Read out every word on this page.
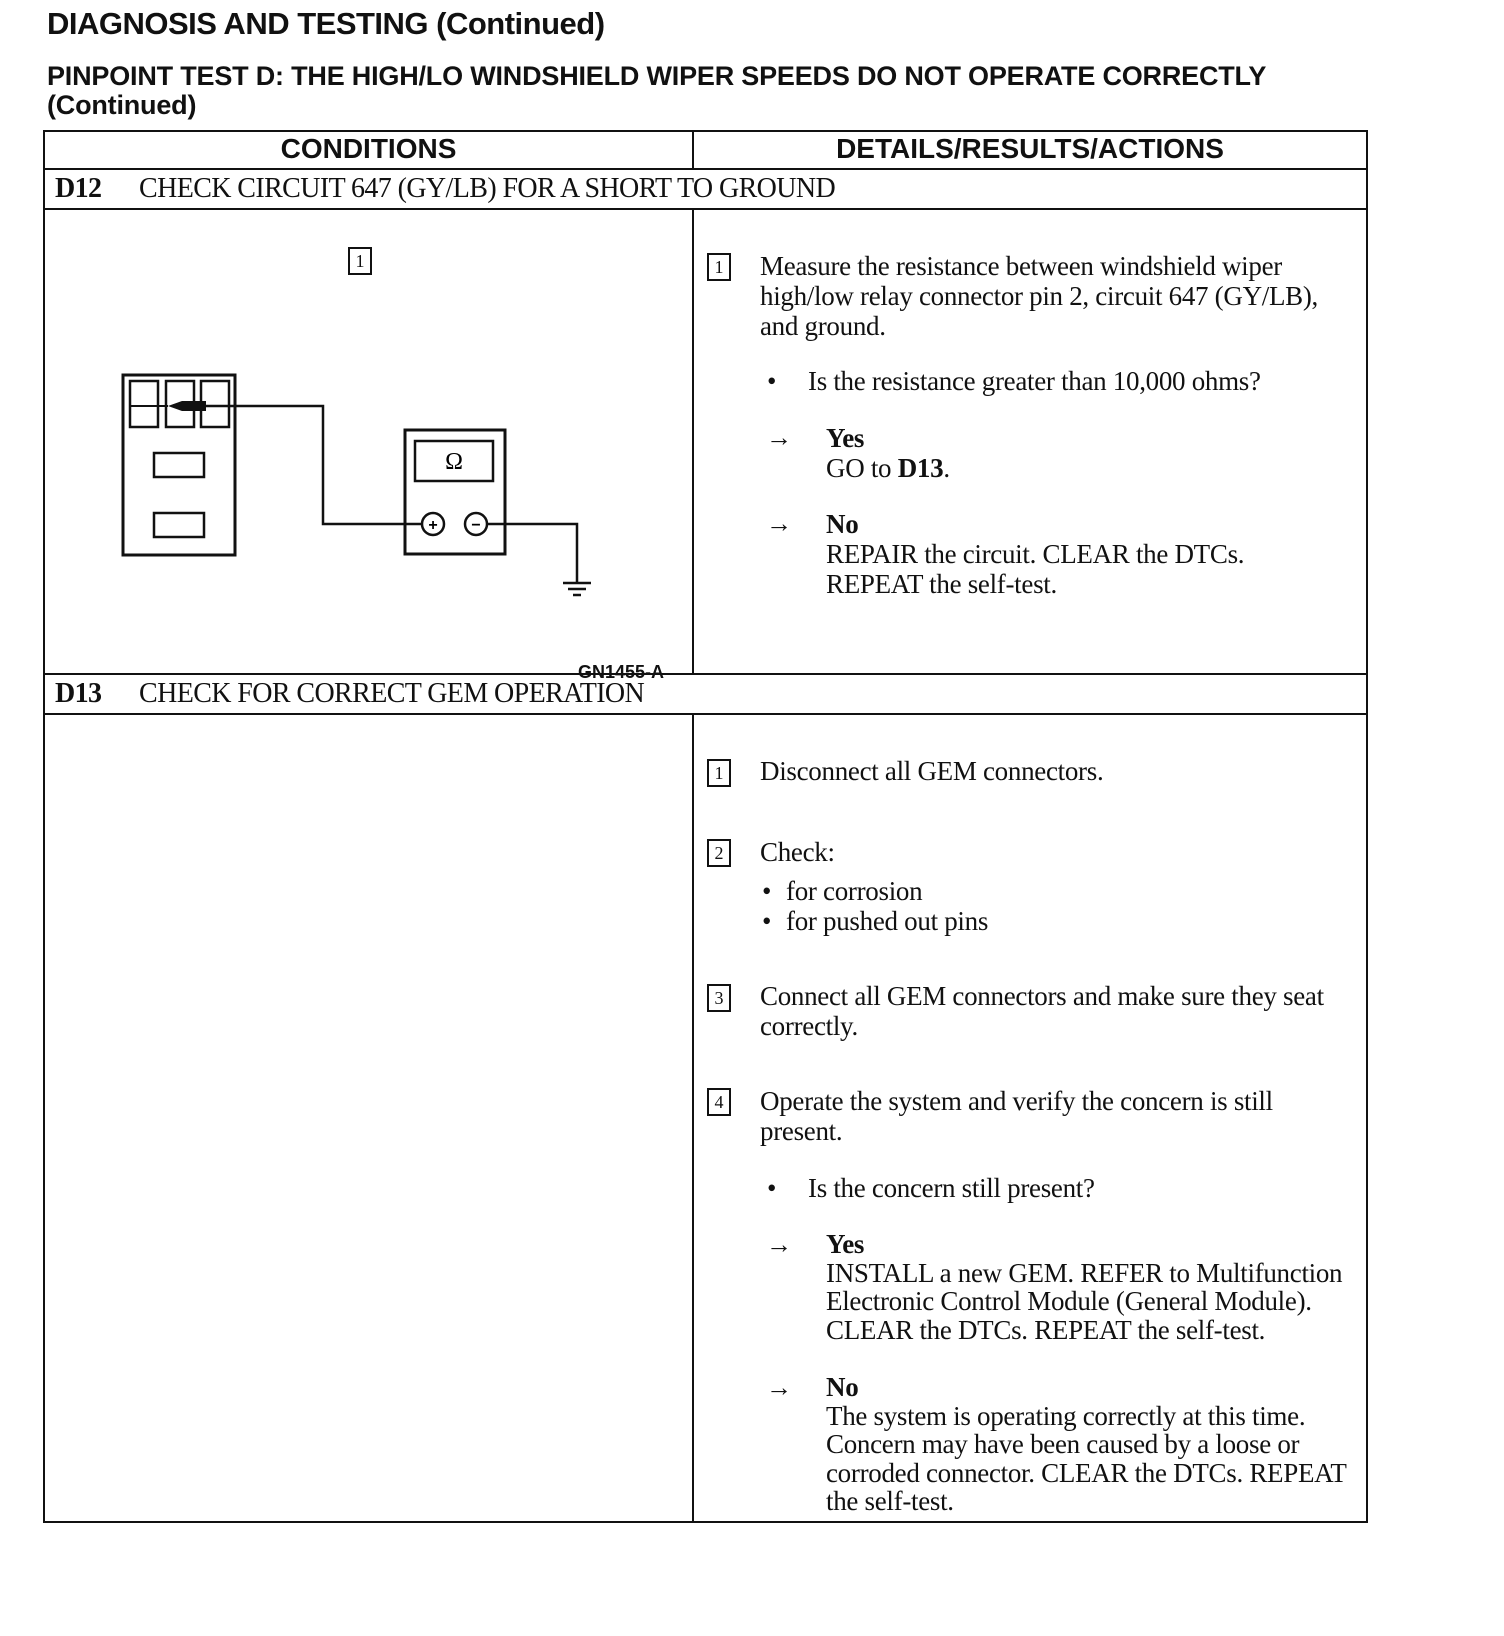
DIAGNOSIS AND TESTING (Continued)
PINPOINT TEST D: THE HIGH/LO WINDSHIELD WIPER SPEEDS DO NOT OPERATE CORRECTLY (Continued)
CONDITIONS	DETAILS/RESULTS/ACTIONS
D12 CHECK CIRCUIT 647 (GY/LB) FOR A SHORT TO GROUND
1
Ω
+ −
GN1455-A
1 Measure the resistance between windshield wiper high/low relay connector pin 2, circuit 647 (GY/LB), and ground.
• Is the resistance greater than 10,000 ohms?
→ Yes
GO to D13.
→ No
REPAIR the circuit. CLEAR the DTCs. REPEAT the self-test.
D13 CHECK FOR CORRECT GEM OPERATION
1 Disconnect all GEM connectors.
2 Check:
• for corrosion
• for pushed out pins
3 Connect all GEM connectors and make sure they seat correctly.
4 Operate the system and verify the concern is still present.
• Is the concern still present?
→ Yes
INSTALL a new GEM. REFER to Multifunction Electronic Control Module (General Module). CLEAR the DTCs. REPEAT the self-test.
→ No
The system is operating correctly at this time. Concern may have been caused by a loose or corroded connector. CLEAR the DTCs. REPEAT the self-test.
